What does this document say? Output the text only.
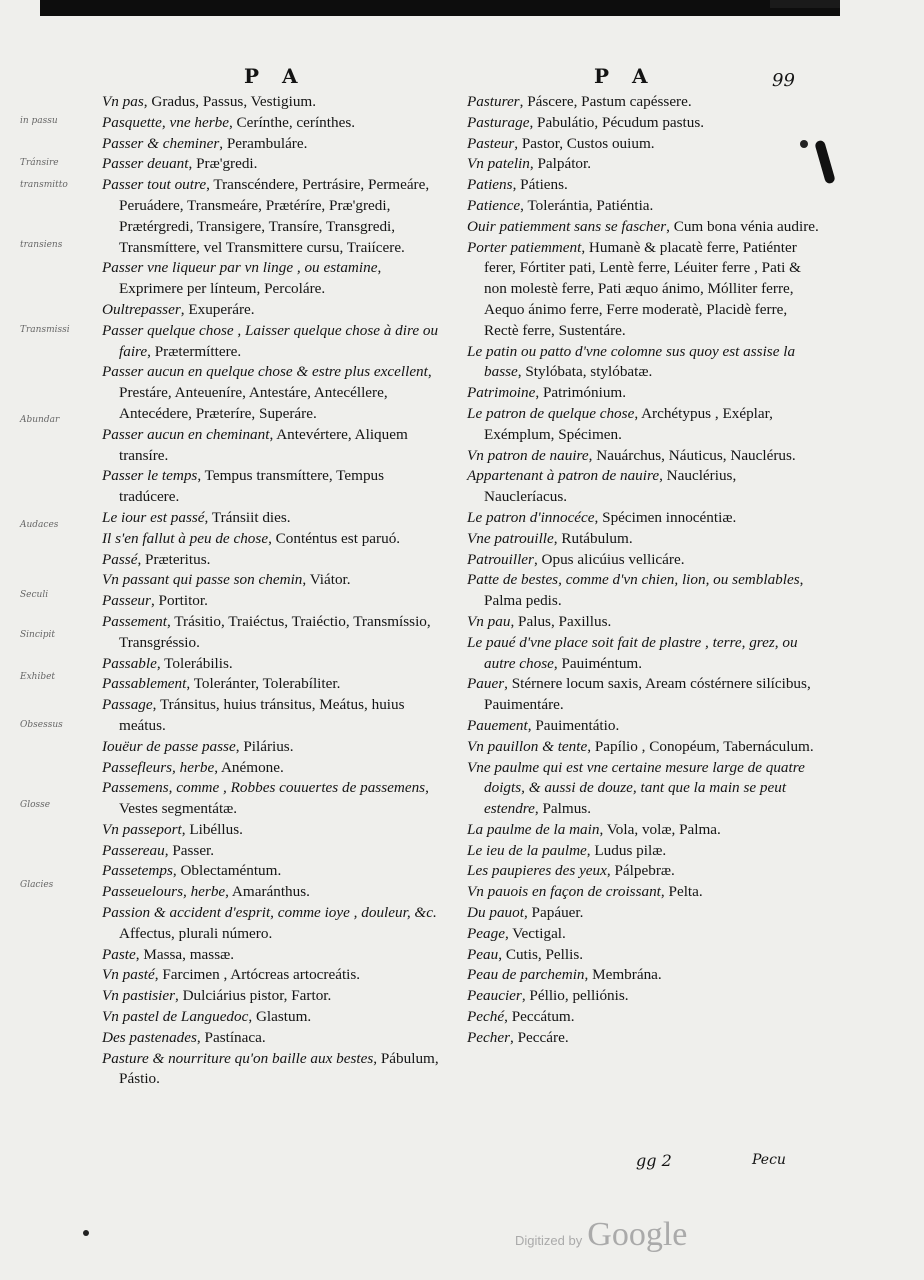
P A	P A	99
in passu
Tránsire
transmitto
transiens
Transmissi
Abundar
Audaces
Seculi
Sincipit
Exhibet
Obsessus
Glosse
Glacies

Vn pas, Gradus, Passus, Vestigium.

Pasquette, vne herbe, Cerínthe, cerínthes.

Passer & cheminer, Perambuláre.

Passer deuant, Præ'gredi.

Passer tout outre, Transcéndere, Pertrásire, Permeáre, Peruádere, Transmeáre, Prætéríre, Præ'gredi, Prætérgredi, Transigere, Transíre, Transgredi, Transmíttere, vel Transmittere cursu, Traiícere.

Passer vne liqueur par vn linge , ou estamine, Exprimere per línteum, Percoláre.

Oultrepasser, Exuperáre.

Passer quelque chose , Laisser quelque chose à dire ou faire, Prætermíttere.

Passer aucun en quelque chose & estre plus excellent, Prestáre, Anteueníre, Antestáre, Antecéllere, Antecédere, Præteríre, Superáre.

Passer aucun en cheminant, Antevértere, Aliquem transíre.

Passer le temps, Tempus transmíttere, Tempus tradúcere.

Le iour est passé, Tránsiit dies.

Il s'en fallut à peu de chose, Conténtus est paruó.

Passé, Præteritus.

Vn passant qui passe son chemin, Viátor.

Passeur, Portitor.

Passement, Trásitio, Traiéctus, Traiéctio, Transmíssio, Transgréssio.

Passable, Tolerábilis.

Passablement, Toleránter, Tolerabíliter.

Passage, Tránsitus, huius tránsitus, Meátus, huius meátus.

Iouëur de passe passe, Pilárius.

Passefleurs, herbe, Anémone.

Passemens, comme , Robbes couuertes de passemens, Vestes segmentátæ.

Vn passeport, Libéllus.

Passereau, Passer.

Passetemps, Oblectaméntum.

Passeuelours, herbe, Amaránthus.

Passion & accident d'esprit, comme ioye , douleur, &c. Affectus, plurali número.

Paste, Massa, massæ.

Vn pasté, Farcimen , Artócreas artocreátis.

Vn pastisier, Dulciárius pistor, Fartor.

Vn pastel de Languedoc, Glastum.

Des pastenades, Pastínaca.

Pasture & nourriture qu'on baille aux bestes, Pábulum, Pástio.

Pasturer, Páscere, Pastum capéssere.

Pasturage, Pabulátio, Pécudum pastus.

Pasteur, Pastor, Custos ouium.

Vn patelin, Palpátor.

Patiens, Pátiens.

Patience, Tolerántia, Patiéntia.

Ouir patiemment sans se fascher, Cum bona vénia audire.

Porter patiemment, Humanè & placatè ferre, Patiénter ferer, Fórtiter pati, Lentè ferre, Léuiter ferre , Pati & non molestè ferre, Pati æquo ánimo, Mólliter ferre, Aequo ánimo ferre, Ferre moderatè, Placidè ferre, Rectè ferre, Sustentáre.

Le patin ou patto d'vne colomne sus quoy est assise la basse, Stylóbata, stylóbatæ.

Patrimoine, Patrimónium.

Le patron de quelque chose, Archétypus , Exéplar, Exémplum, Spécimen.

Vn patron de nauire, Nauárchus, Náuticus, Nauclérus.

Appartenant à patron de nauire, Nauclérius, Naucleríacus.

Le patron d'innocéce, Spécimen innocéntiæ.

Vne patrouille, Rutábulum.

Patrouiller, Opus alicúius vellicáre.

Patte de bestes, comme d'vn chien, lion, ou semblables, Palma pedis.

Vn pau, Palus, Paxillus.

Le paué d'vne place soit fait de plastre , terre, grez, ou autre chose, Pauiméntum.

Pauer, Stérnere locum saxis, Aream cóstérnere silícibus, Pauimentáre.

Pauement, Pauimentátio.

Vn pauillon & tente, Papílio , Conopéum, Tabernáculum.

Vne paulme qui est vne certaine mesure large de quatre doigts, & aussi de douze, tant que la main se peut estendre, Palmus.

La paulme de la main, Vola, volæ, Palma.

Le ieu de la paulme, Ludus pilæ.

Les paupieres des yeux, Pálpebræ.

Vn pauois en façon de croissant, Pelta.

Du pauot, Papáuer.

Peage, Vectigal.

Peau, Cutis, Pellis.

Peau de parchemin, Membrána.

Peaucier, Péllio, pelliónis.

Peché, Peccátum.

Pecher, Peccáre.

gg 2	Pecu
Digitized by Google
